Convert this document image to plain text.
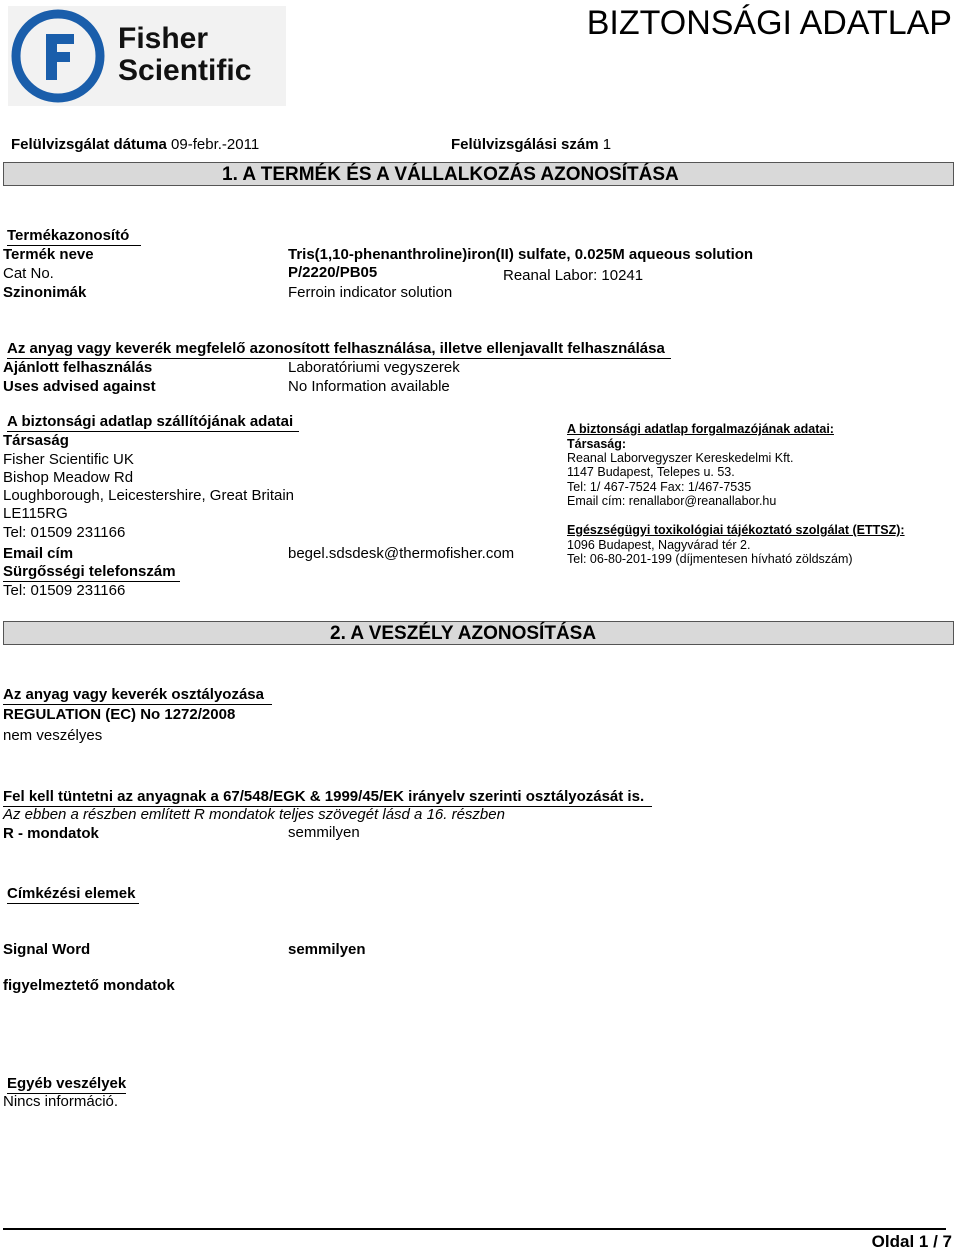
Fisher
Scientific
BIZTONSÁGI ADATLAP
Felülvizsgálat dátuma 09-febr.-2011	Felülvizsgálási szám 1
1. A TERMÉK ÉS A VÁLLALKOZÁS AZONOSÍTÁSA
Termékazonosító
Termék neve	Tris(1,10-phenanthroline)iron(II) sulfate, 0.025M aqueous solution
Cat No.	P/2220/PB05	Reanal Labor: 10241
Szinonimák	Ferroin indicator solution
Az anyag vagy keverék megfelelő azonosított felhasználása, illetve ellenjavallt felhasználása
Ajánlott felhasználás	Laboratóriumi vegyszerek
Uses advised against	No Information available
A biztonsági adatlap szállítójának adatai
Társaság
Fisher Scientific UK
Bishop Meadow Rd
Loughborough, Leicestershire, Great Britain
LE115RG
Tel: 01509 231166
Email cím	begel.sdsdesk@thermofisher.com
Sürgősségi telefonszám
Tel: 01509 231166
A biztonsági adatlap forgalmazójának adatai:
Társaság:
Reanal Laborvegyszer Kereskedelmi Kft.
1147 Budapest, Telepes u. 53.
Tel: 1/ 467-7524 Fax: 1/467-7535
Email cím: renallabor@reanallabor.hu
Egészségügyi toxikológiai tájékoztató szolgálat (ETTSZ):
1096 Budapest, Nagyvárad tér 2.
Tel: 06-80-201-199 (díjmentesen hívható zöldszám)
2. A VESZÉLY AZONOSÍTÁSA
Az anyag vagy keverék osztályozása
REGULATION (EC) No 1272/2008
nem veszélyes
Fel kell tüntetni az anyagnak a 67/548/EGK & 1999/45/EK irányelv szerinti osztályozását is.
Az ebben a részben említett R mondatok teljes szövegét lásd a 16. részben
R - mondatok	semmilyen
Címkézési elemek
Signal Word	semmilyen
figyelmeztető mondatok
Egyéb veszélyek
Nincs információ.
Oldal 1 / 7
